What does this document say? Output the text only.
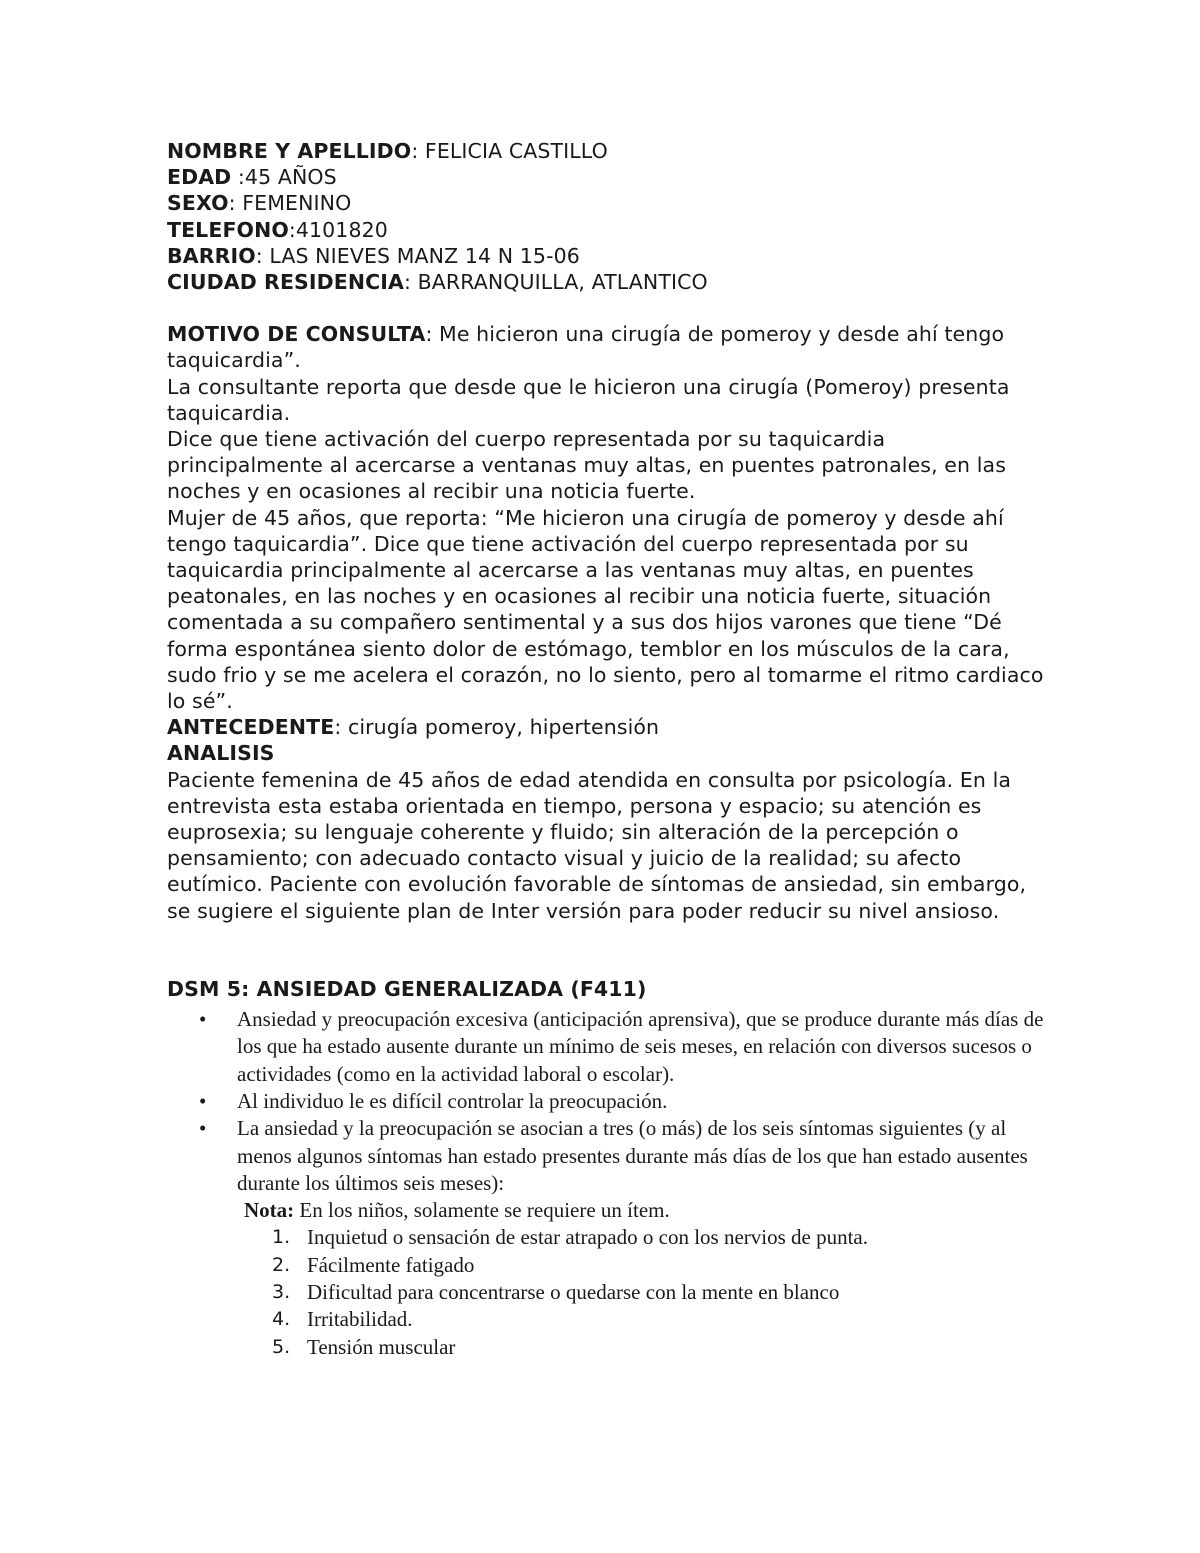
NOMBRE Y APELLIDO: FELICIA CASTILLO

EDAD :45 AÑOS

SEXO: FEMENINO

TELEFONO:4101820

BARRIO: LAS NIEVES MANZ 14 N 15-06

CIUDAD RESIDENCIA: BARRANQUILLA, ATLANTICO

MOTIVO DE CONSULTA: Me hicieron una cirugía de pomeroy y desde ahí tengo taquicardia”.

La consultante reporta que desde que le hicieron una cirugía (Pomeroy) presenta taquicardia.

Dice que tiene activación del cuerpo representada por su taquicardia principalmente al acercarse a ventanas muy altas, en puentes patronales, en las noches y en ocasiones al recibir una noticia fuerte.

Mujer de 45 años, que reporta: “Me hicieron una cirugía de pomeroy y desde ahí tengo taquicardia”. Dice que tiene activación del cuerpo representada por su taquicardia principalmente al acercarse a las ventanas muy altas, en puentes peatonales, en las noches y en ocasiones al recibir una noticia fuerte, situación comentada a su compañero sentimental y a sus dos hijos varones que tiene “Dé forma espontánea siento dolor de estómago, temblor en los músculos de la cara, sudo frio y se me acelera el corazón, no lo siento, pero al tomarme el ritmo cardiaco lo sé”.

ANTECEDENTE: cirugía pomeroy, hipertensión

ANALISIS

Paciente femenina de 45 años de edad atendida en consulta por psicología. En la entrevista esta estaba orientada en tiempo, persona y espacio; su atención es euprosexia; su lenguaje coherente y fluido; sin alteración de la percepción o pensamiento; con adecuado contacto visual y juicio de la realidad; su afecto eutímico. Paciente con evolución favorable de síntomas de ansiedad, sin embargo, se sugiere el siguiente plan de Inter versión para poder reducir su nivel ansioso.

DSM 5: ANSIEDAD GENERALIZADA (F411)

• Ansiedad y preocupación excesiva (anticipación aprensiva), que se produce durante más días de los que ha estado ausente durante un mínimo de seis meses, en relación con diversos sucesos o actividades (como en la actividad laboral o escolar).
• Al individuo le es difícil controlar la preocupación.
• La ansiedad y la preocupación se asocian a tres (o más) de los seis síntomas siguientes (y al menos algunos síntomas han estado presentes durante más días de los que han estado ausentes durante los últimos seis meses):
Nota: En los niños, solamente se requiere un ítem.
1. Inquietud o sensación de estar atrapado o con los nervios de punta.
2. Fácilmente fatigado
3. Dificultad para concentrarse o quedarse con la mente en blanco
4. Irritabilidad.
5. Tensión muscular
